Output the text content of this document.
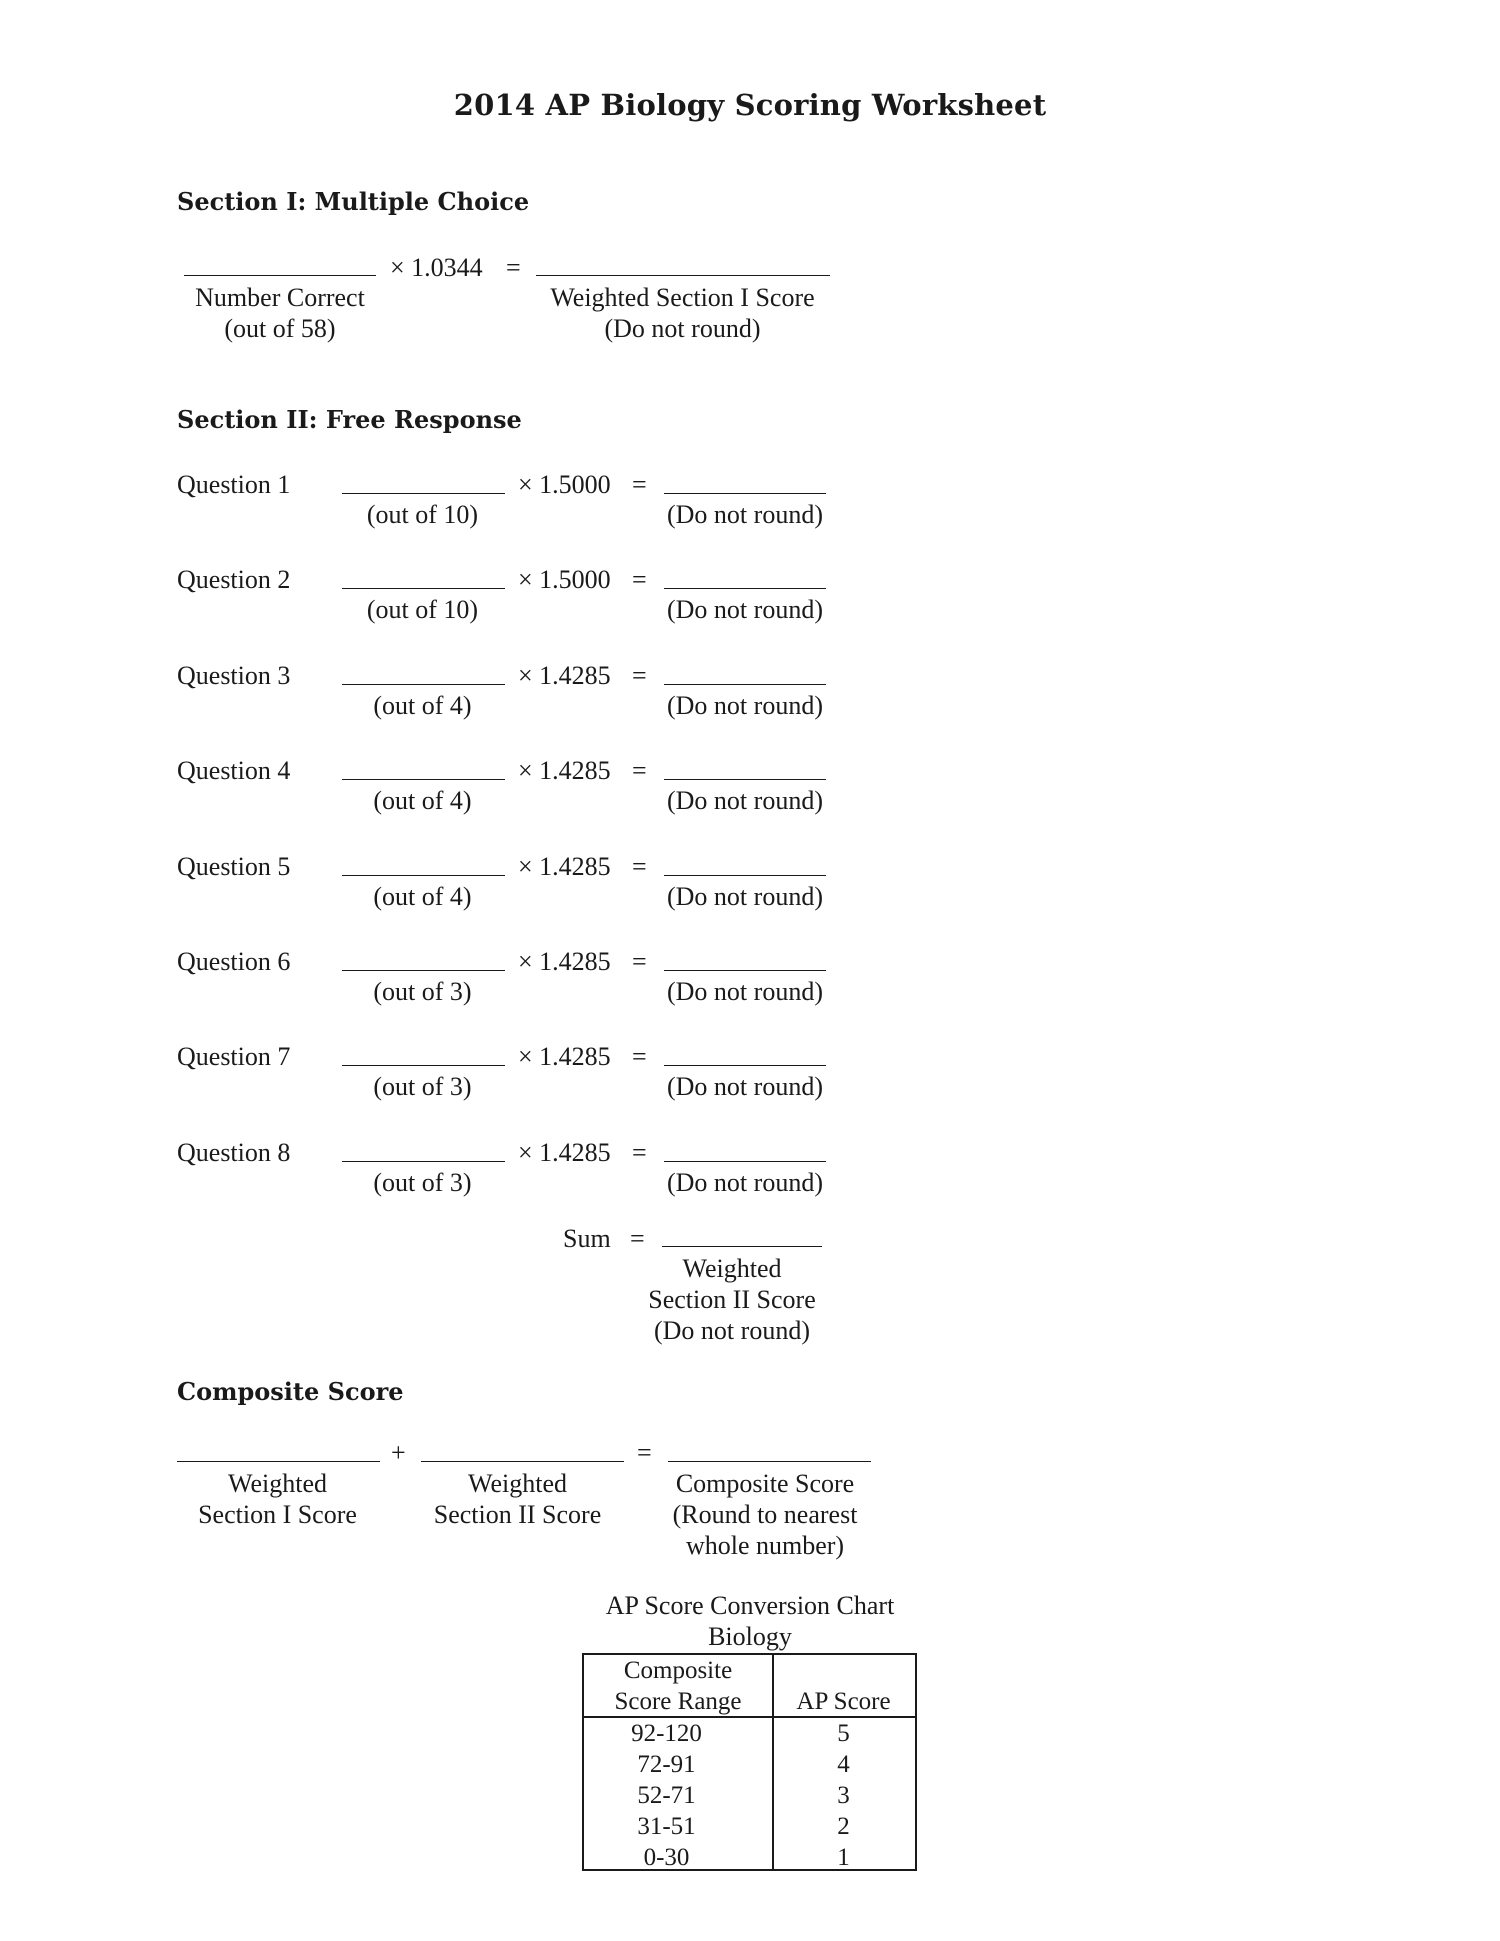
2014 AP Biology Scoring Worksheet
Section I: Multiple Choice
× 1.0344 =
Number Correct
(out of 58)
Weighted Section I Score
(Do not round)
Section II: Free Response
Question 1	× 1.5000 =
(out of 10)	(Do not round)
Question 2	× 1.5000 =
(out of 10)	(Do not round)
Question 3	× 1.4285 =
(out of 4)	(Do not round)
Question 4	× 1.4285 =
(out of 4)	(Do not round)
Question 5	× 1.4285 =
(out of 4)	(Do not round)
Question 6	× 1.4285 =
(out of 3)	(Do not round)
Question 7	× 1.4285 =
(out of 3)	(Do not round)
Question 8	× 1.4285 =
(out of 3)	(Do not round)
Sum =
Weighted
Section II Score
(Do not round)
Composite Score
+	=
Weighted
Section I Score
Weighted
Section II Score
Composite Score
(Round to nearest
whole number)
AP Score Conversion Chart
Biology
Composite
Score Range	AP Score
92-120	5
72-91	4
52-71	3
31-51	2
0-30	1
